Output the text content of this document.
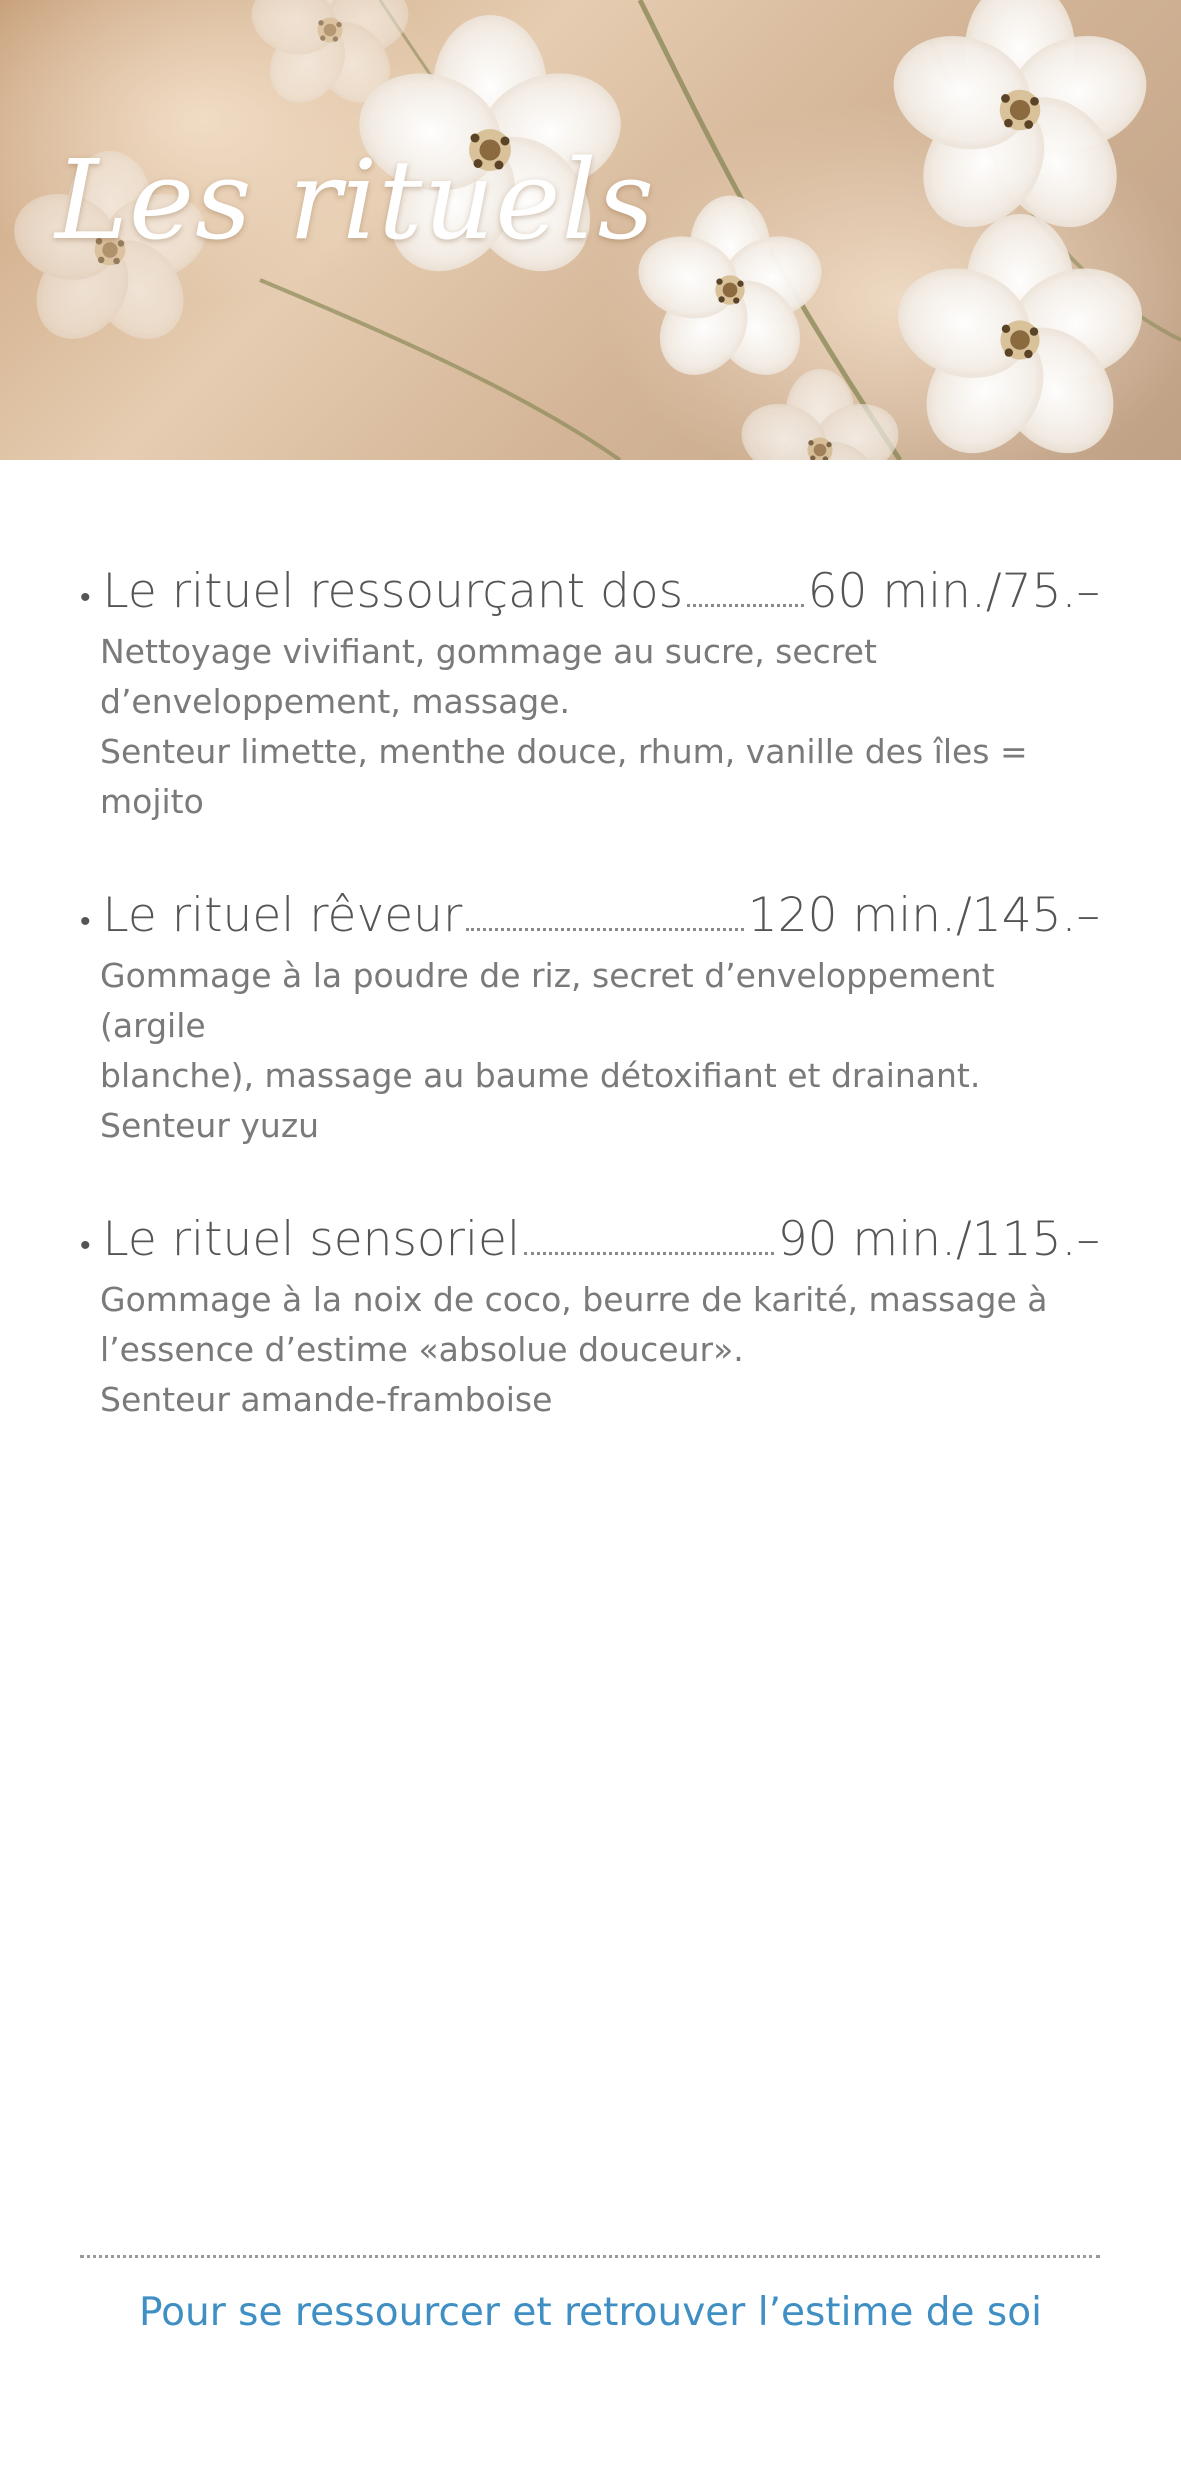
Les rituels
• Le rituel ressourçant dos	60 min./75.–
Nettoyage vivifiant, gommage au sucre, secret
d’enveloppement, massage.
Senteur limette, menthe douce, rhum, vanille des îles = mojito
• Le rituel rêveur	120 min./145.–
Gommage à la poudre de riz, secret d’enveloppement (argile
blanche), massage au baume détoxifiant et drainant.
Senteur yuzu
• Le rituel sensoriel	90 min./115.–
Gommage à la noix de coco, beurre de karité, massage à
l’essence d’estime «absolue douceur».
Senteur amande-framboise
Pour se ressourcer et retrouver l’estime de soi
